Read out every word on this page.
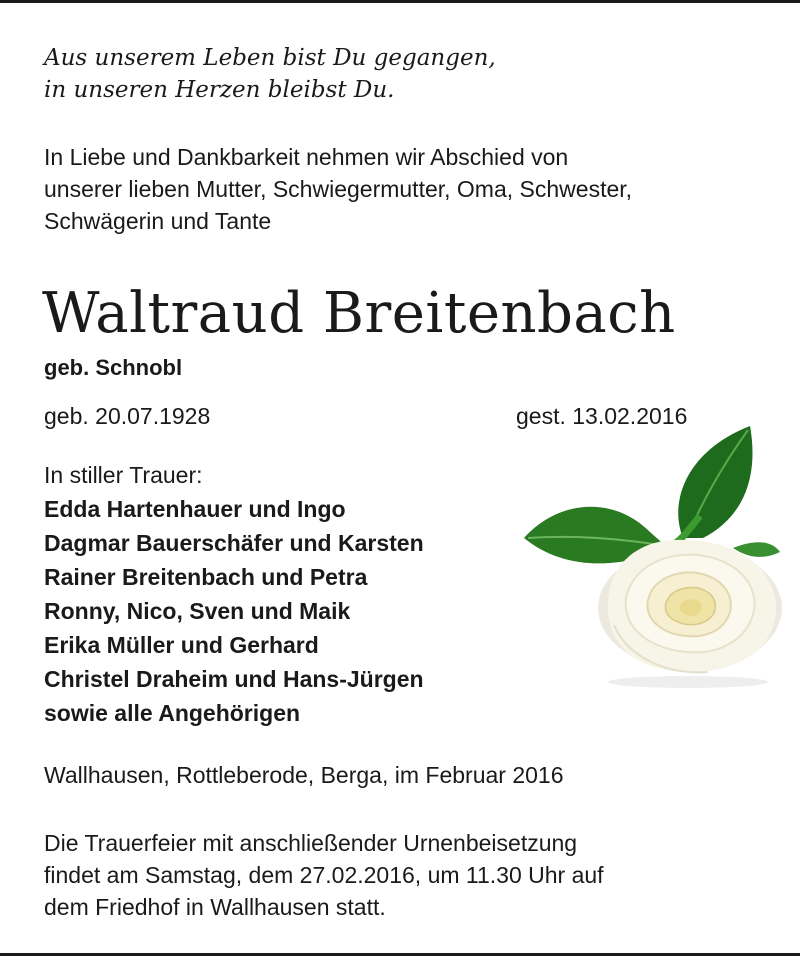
Aus unserem Leben bist Du gegangen,
in unseren Herzen bleibst Du.
In Liebe und Dankbarkeit nehmen wir Abschied von
unserer lieben Mutter, Schwiegermutter, Oma, Schwester,
Schwägerin und Tante
Waltraud Breitenbach
geb. Schnobl
geb. 20.07.1928	gest. 13.02.2016
In stiller Trauer:
Edda Hartenhauer und Ingo
Dagmar Bauerschäfer und Karsten
Rainer Breitenbach und Petra
Ronny, Nico, Sven und Maik
Erika Müller und Gerhard
Christel Draheim und Hans-Jürgen
sowie alle Angehörigen
Wallhausen, Rottleberode, Berga, im Februar 2016
Die Trauerfeier mit anschließender Urnenbeisetzung
findet am Samstag, dem 27.02.2016, um 11.30 Uhr auf
dem Friedhof in Wallhausen statt.
